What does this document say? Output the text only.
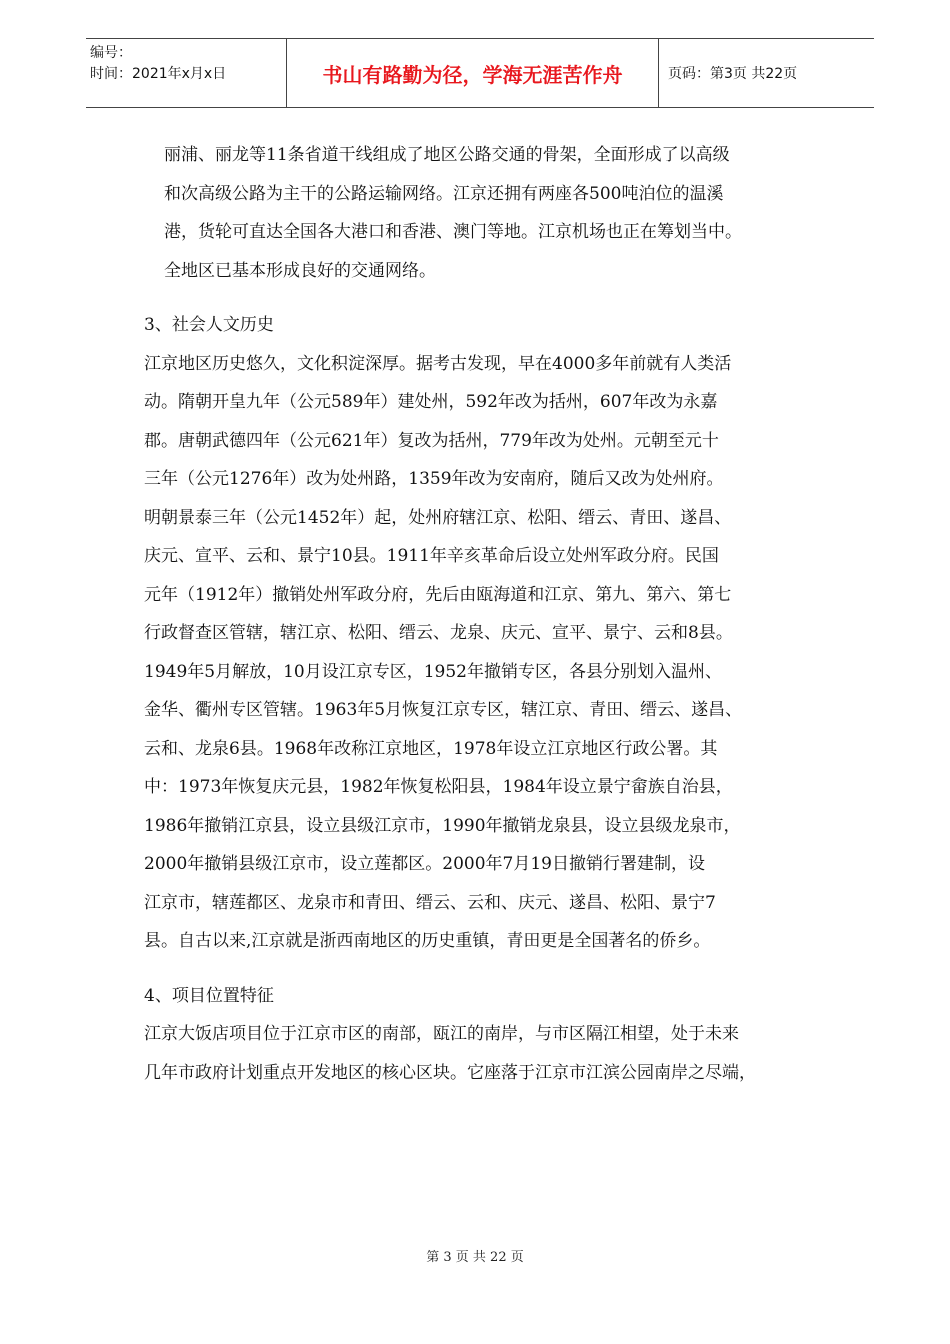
编号：
时间：2021年x月x日	书山有路勤为径，学海无涯苦作舟	页码：第3页 共22页
丽浦、丽龙等11条省道干线组成了地区公路交通的骨架，全面形成了以高级
和次高级公路为主干的公路运输网络。江京还拥有两座各500吨泊位的温溪
港，货轮可直达全国各大港口和香港、澳门等地。江京机场也正在筹划当中。
全地区已基本形成良好的交通网络。
3、社会人文历史
江京地区历史悠久，文化积淀深厚。据考古发现，早在4000多年前就有人类活
动。隋朝开皇九年（公元589年）建处州，592年改为括州，607年改为永嘉
郡。唐朝武德四年（公元621年）复改为括州，779年改为处州。元朝至元十
三年（公元1276年）改为处州路，1359年改为安南府，随后又改为处州府。
明朝景泰三年（公元1452年）起，处州府辖江京、松阳、缙云、青田、遂昌、
庆元、宣平、云和、景宁10县。1911年辛亥革命后设立处州军政分府。民国
元年（1912年）撤销处州军政分府，先后由瓯海道和江京、第九、第六、第七
行政督查区管辖，辖江京、松阳、缙云、龙泉、庆元、宣平、景宁、云和8县。
1949年5月解放，10月设江京专区，1952年撤销专区，各县分别划入温州、
金华、衢州专区管辖。1963年5月恢复江京专区，辖江京、青田、缙云、遂昌、
云和、龙泉6县。1968年改称江京地区，1978年设立江京地区行政公署。其
中：1973年恢复庆元县，1982年恢复松阳县，1984年设立景宁畲族自治县，
1986年撤销江京县，设立县级江京市，1990年撤销龙泉县，设立县级龙泉市，
2000年撤销县级江京市，设立莲都区。2000年7月19日撤销行署建制，设
江京市，辖莲都区、龙泉市和青田、缙云、云和、庆元、遂昌、松阳、景宁7
县。自古以来,江京就是浙西南地区的历史重镇，青田更是全国著名的侨乡。
4、项目位置特征
江京大饭店项目位于江京市区的南部，瓯江的南岸，与市区隔江相望，处于未来
几年市政府计划重点开发地区的核心区块。它座落于江京市江滨公园南岸之尽端，
第 3 页 共 22 页
